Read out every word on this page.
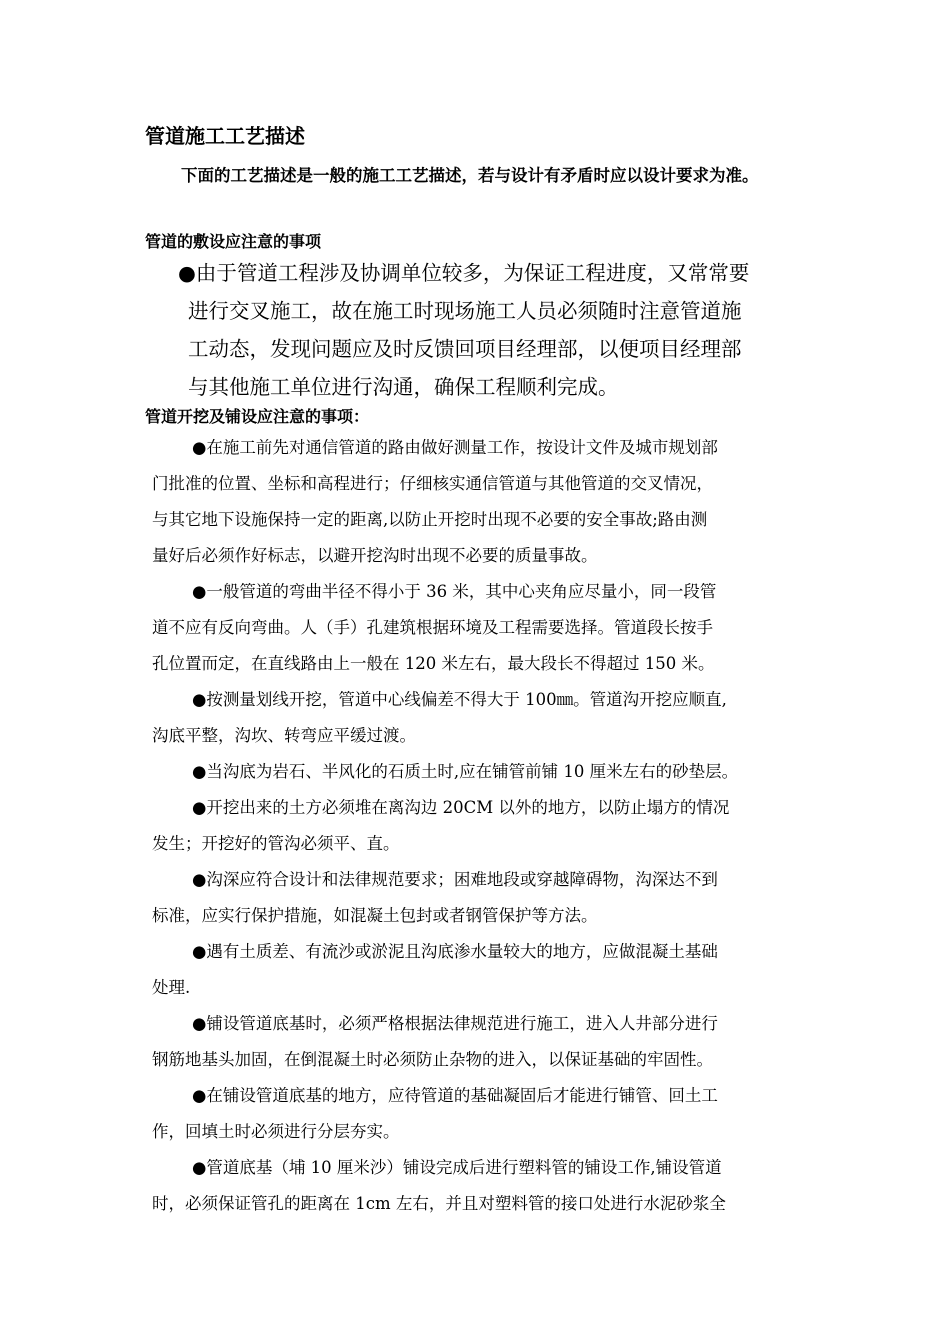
管道施工工艺描述
下面的工艺描述是一般的施工工艺描述，若与设计有矛盾时应以设计要求为准。
管道的敷设应注意的事项
●由于管道工程涉及协调单位较多，为保证工程进度，又常常要
进行交叉施工，故在施工时现场施工人员必须随时注意管道施
工动态，发现问题应及时反馈回项目经理部，以便项目经理部
与其他施工单位进行沟通，确保工程顺利完成。
管道开挖及铺设应注意的事项：
●在施工前先对通信管道的路由做好测量工作，按设计文件及城市规划部
门批准的位置、坐标和高程进行；仔细核实通信管道与其他管道的交叉情况，
与其它地下设施保持一定的距离,以防止开挖时出现不必要的安全事故;路由测
量好后必须作好标志，以避开挖沟时出现不必要的质量事故。
●一般管道的弯曲半径不得小于 36 米，其中心夹角应尽量小，同一段管
道不应有反向弯曲。人（手）孔建筑根据环境及工程需要选择。管道段长按手
孔位置而定，在直线路由上一般在 120 米左右，最大段长不得超过 150 米。
●按测量划线开挖，管道中心线偏差不得大于 100㎜。管道沟开挖应顺直,
沟底平整，沟坎、转弯应平缓过渡。
●当沟底为岩石、半风化的石质土时,应在铺管前铺 10 厘米左右的砂垫层。
●开挖出来的土方必须堆在离沟边 20CM 以外的地方，以防止塌方的情况
发生；开挖好的管沟必须平、直。
●沟深应符合设计和法律规范要求；困难地段或穿越障碍物，沟深达不到
标准，应实行保护措施，如混凝土包封或者钢管保护等方法。
●遇有土质差、有流沙或淤泥且沟底渗水量较大的地方，应做混凝土基础
处理.
●铺设管道底基时，必须严格根据法律规范进行施工，进入人井部分进行
钢筋地基头加固，在倒混凝土时必须防止杂物的进入，以保证基础的牢固性。
●在铺设管道底基的地方，应待管道的基础凝固后才能进行铺管、回土工
作，回填土时必须进行分层夯实。
●管道底基（埔 10 厘米沙）铺设完成后进行塑料管的铺设工作,铺设管道
时，必须保证管孔的距离在 1cm 左右，并且对塑料管的接口处进行水泥砂浆全
